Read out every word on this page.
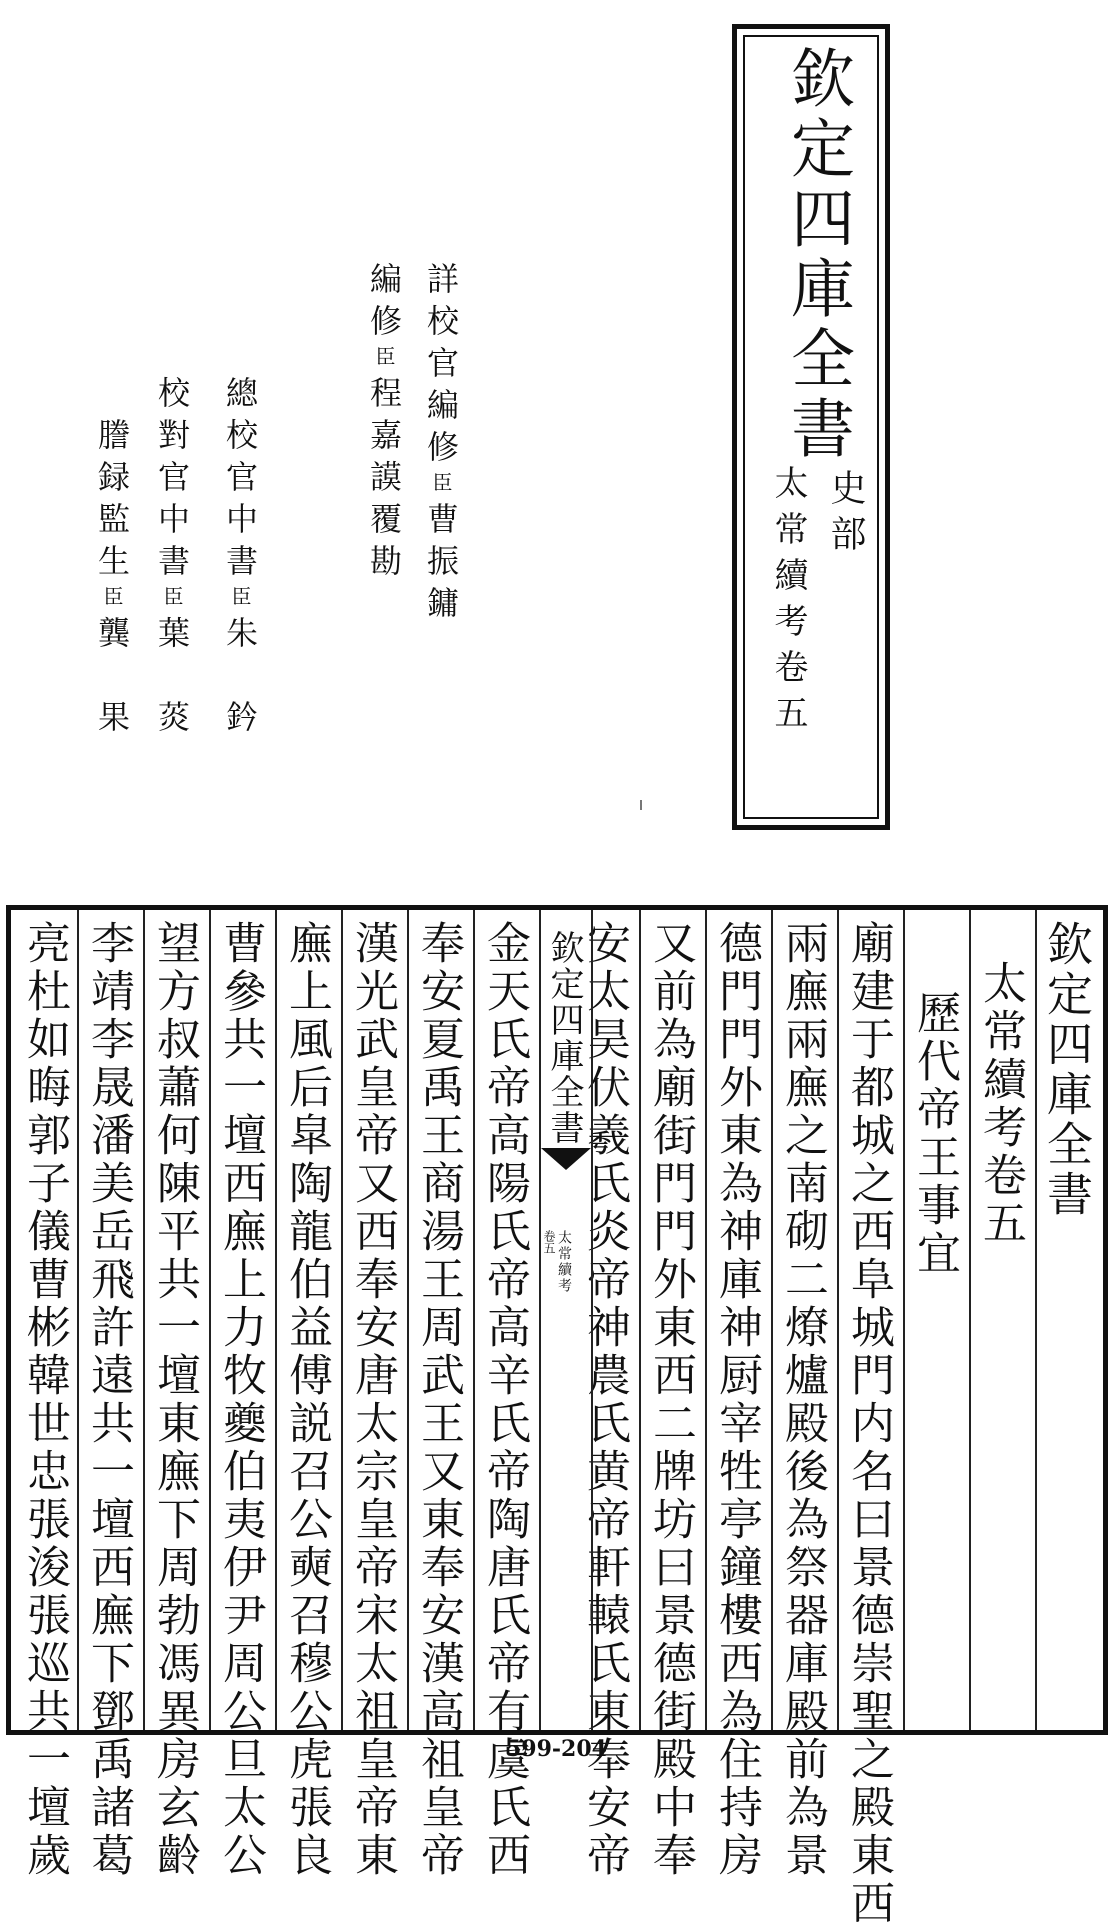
欽定四庫全書
史部
太常續考卷五
詳校官編修臣曹振鏞
編修臣程嘉謨覆勘
總校官中書臣朱　鈐
校對官中書臣葉　菼
謄録監生臣龔　果
欽定四庫全書
太常續考卷五
歷代帝王事宜
廟建于都城之西阜城門内名曰景德崇聖之殿東西
兩廡兩廡之南砌二燎爐殿後為祭器庫殿前為景
德門門外東為神庫神厨宰牲亭鐘樓西為住持房
又前為廟街門門外東西二牌坊曰景德街殿中奉
安太昊伏羲氏炎帝神農氏黄帝軒轅氏東奉安帝
欽定四庫全書
太常續考
卷五
金天氏帝高陽氏帝高辛氏帝陶唐氏帝有虞氏西
奉安夏禹王商湯王周武王又東奉安漢高祖皇帝
漢光武皇帝又西奉安唐太宗皇帝宋太祖皇帝東
廡上風后皐陶龍伯益傅説召公奭召穆公虎張良
曹參共一壇西廡上力牧夔伯夷伊尹周公旦太公
望方叔蕭何陳平共一壇東廡下周勃馮異房玄齡
李靖李晟潘美岳飛許遠共一壇西廡下鄧禹諸葛
亮杜如晦郭子儀曹彬韓世忠張浚張巡共一壇歲	599-204
